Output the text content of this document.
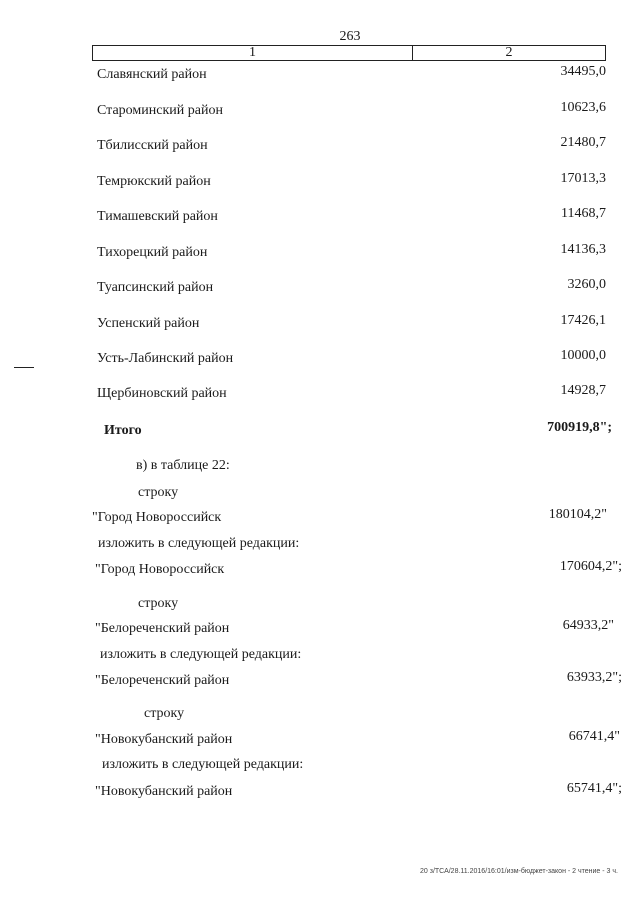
263
1	2
Славянский район	34495,0
Староминский район	10623,6
Тбилисский район	21480,7
Темрюкский район	17013,3
Тимашевский район	11468,7
Тихорецкий район	14136,3
Туапсинский район	3260,0
Успенский район	17426,1
Усть-Лабинский район	10000,0
Щербиновский район	14928,7
Итого	700919,8";
в) в таблице 22:
строку
"Город Новороссийск	180104,2"
изложить в следующей редакции:
"Город Новороссийск	170604,2";
строку
"Белореченский район	64933,2"
изложить в следующей редакции:
"Белореченский район	63933,2";
строку
"Новокубанский район	66741,4"
изложить в следующей редакции:
"Новокубанский район	65741,4";
20 з/ТСА/28.11.2016/16:01/изм-бюджет-закон - 2 чтение - 3 ч.
